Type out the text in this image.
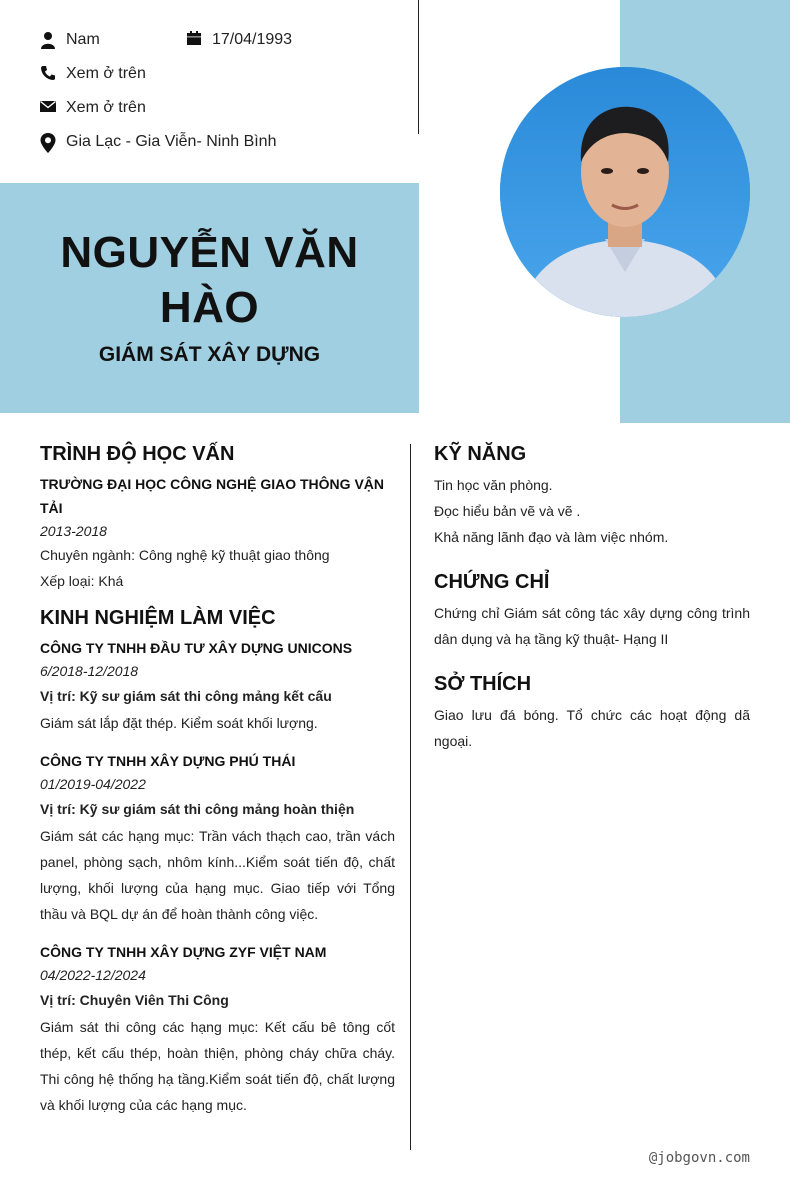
Nam	17/04/1993
Xem ở trên
Xem ở trên
Gia Lạc - Gia Viễn- Ninh Bình
NGUYỄN VĂN
HÀO
GIÁM SÁT XÂY DỰNG
TRÌNH ĐỘ HỌC VẤN
TRƯỜNG ĐẠI HỌC CÔNG NGHỆ GIAO THÔNG VẬN TẢI
2013-2018
Chuyên ngành: Công nghệ kỹ thuật giao thông
Xếp loại: Khá
KINH NGHIỆM LÀM VIỆC
CÔNG TY TNHH ĐẦU TƯ XÂY DỰNG UNICONS
6/2018-12/2018
Vị trí: Kỹ sư giám sát thi công mảng kết cấu
Giám sát lắp đặt thép. Kiểm soát khối lượng.
CÔNG TY TNHH XÂY DỰNG PHÚ THÁI
01/2019-04/2022
Vị trí: Kỹ sư giám sát thi công mảng hoàn thiện
Giám sát các hạng mục: Trần vách thạch cao, trần vách panel, phòng sạch, nhôm kính...Kiểm soát tiến độ, chất lượng, khối lượng của hạng mục. Giao tiếp với Tổng thầu và BQL dự án để hoàn thành công việc.
CÔNG TY TNHH XÂY DỰNG ZYF VIỆT NAM
04/2022-12/2024
Vị trí: Chuyên Viên Thi Công
Giám sát thi công các hạng mục: Kết cấu bê tông cốt thép, kết cấu thép, hoàn thiện, phòng cháy chữa cháy. Thi công hệ thống hạ tầng.Kiểm soát tiến độ, chất lượng và khối lượng của các hạng mục.
KỸ NĂNG
Tin học văn phòng.
Đọc hiểu bản vẽ và vẽ .
Khả năng lãnh đạo và làm việc nhóm.
CHỨNG CHỈ
Chứng chỉ Giám sát công tác xây dựng công trình dân dụng và hạ tầng kỹ thuật- Hạng II
SỞ THÍCH
Giao lưu đá bóng. Tổ chức các hoạt động dã ngoại.
@jobgovn.com
